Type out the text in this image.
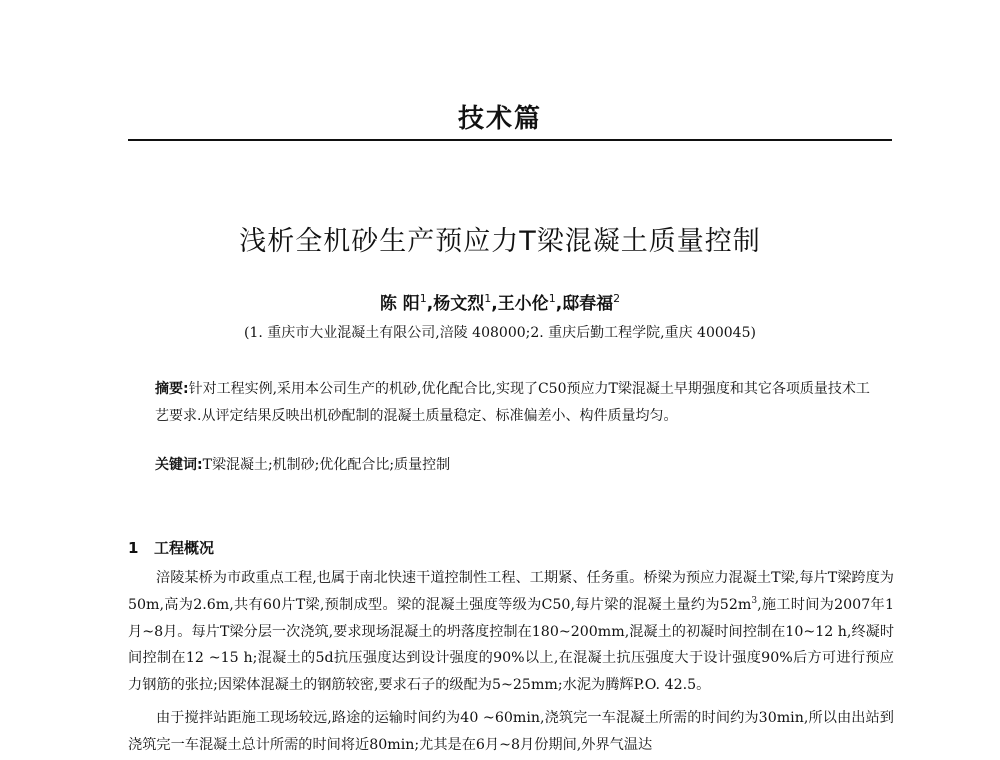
技术篇
浅析全机砂生产预应力T梁混凝土质量控制
陈 阳$^1$,杨文烈$^1$,王小伦$^1$,邸春福$^2$
(1. 重庆市大业混凝土有限公司,涪陵 408000;2. 重庆后勤工程学院,重庆 400045)
摘要:针对工程实例,采用本公司生产的机砂,优化配合比,实现了C50预应力T梁混凝土早期强度和其它各项质量技术工艺要求.从评定结果反映出机砂配制的混凝土质量稳定、标准偏差小、构件质量均匀。
关键词:T梁混凝土;机制砂;优化配合比;质量控制
1 工程概况

涪陵某桥为市政重点工程,也属于南北快速干道控制性工程、工期紧、任务重。桥梁为预应力混凝土T梁,每片T梁跨度为50m,高为2.6m,共有60片T梁,预制成型。梁的混凝土强度等级为C50,每片梁的混凝土量约为$52m^3$,施工时间为2007年1月~8月。每片T梁分层一次浇筑,要求现场混凝土的坍落度控制在180~200mm,混凝土的初凝时间控制在10~12 h,终凝时间控制在12 ~15 h;混凝土的5d抗压强度达到设计强度的90%以上,在混凝土抗压强度大于设计强度90%后方可进行预应力钢筋的张拉;因梁体混凝土的钢筋较密,要求石子的级配为5~25mm;水泥为腾辉P.O. 42.5。

由于搅拌站距施工现场较远,路途的运输时间约为40 ~60min,浇筑完一车混凝土所需的时间约为30min,所以由出站到浇筑完一车混凝土总计所需的时间将近80min;尤其是在6月~8月份期间,外界气温达
